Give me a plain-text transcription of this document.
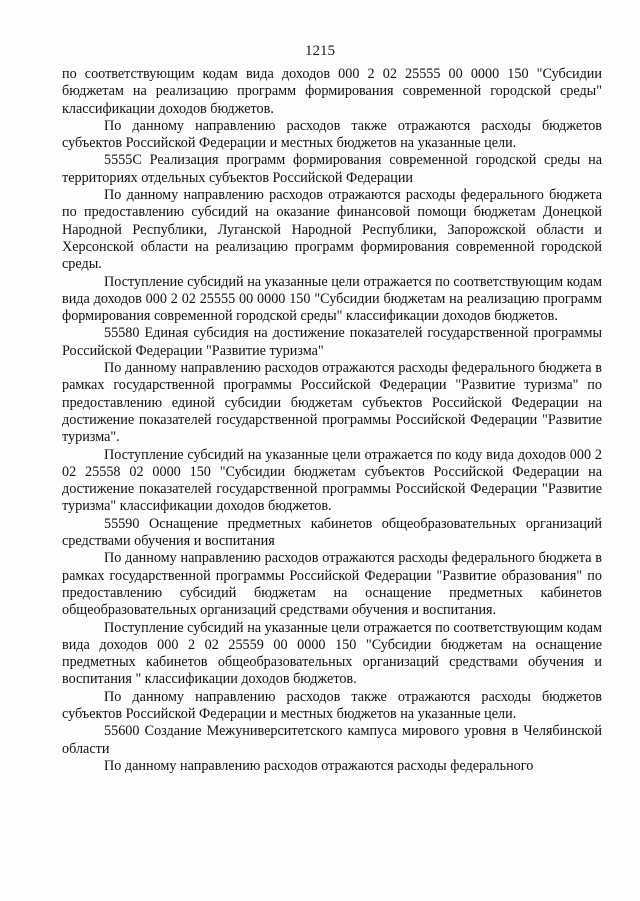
1215

по соответствующим кодам вида доходов 000 2 02 25555 00 0000 150 "Субсидии бюджетам на реализацию программ формирования современной городской среды" классификации доходов бюджетов.

По данному направлению расходов также отражаются расходы бюджетов субъектов Российской Федерации и местных бюджетов на указанные цели.

5555С Реализация программ формирования современной городской среды на территориях отдельных субъектов Российской Федерации

По данному направлению расходов отражаются расходы федерального бюджета по предоставлению субсидий на оказание финансовой помощи бюджетам Донецкой Народной Республики, Луганской Народной Республики, Запорожской области и Херсонской области на реализацию программ формирования современной городской среды.

Поступление субсидий на указанные цели отражается по соответствующим кодам вида доходов 000 2 02 25555 00 0000 150 "Субсидии бюджетам на реализацию программ формирования современной городской среды" классификации доходов бюджетов.

55580 Единая субсидия на достижение показателей государственной программы Российской Федерации "Развитие туризма"

По данному направлению расходов отражаются расходы федерального бюджета в рамках государственной программы Российской Федерации "Развитие туризма" по предоставлению единой субсидии бюджетам субъектов Российской Федерации на достижение показателей государственной программы Российской Федерации "Развитие туризма".

Поступление субсидий на указанные цели отражается по коду вида доходов 000 2 02 25558 02 0000 150 "Субсидии бюджетам субъектов Российской Федерации на достижение показателей государственной программы Российской Федерации "Развитие туризма" классификации доходов бюджетов.

55590 Оснащение предметных кабинетов общеобразовательных организаций средствами обучения и воспитания

По данному направлению расходов отражаются расходы федерального бюджета в рамках государственной программы Российской Федерации "Развитие образования" по предоставлению субсидий бюджетам на оснащение предметных кабинетов общеобразовательных организаций средствами обучения и воспитания.

Поступление субсидий на указанные цели отражается по соответствующим кодам вида доходов 000 2 02 25559 00 0000 150 "Субсидии бюджетам на оснащение предметных кабинетов общеобразовательных организаций средствами обучения и воспитания " классификации доходов бюджетов.

По данному направлению расходов также отражаются расходы бюджетов субъектов Российской Федерации и местных бюджетов на указанные цели.

55600 Создание Межуниверситетского кампуса мирового уровня в Челябинской области

По данному направлению расходов отражаются расходы федерального
